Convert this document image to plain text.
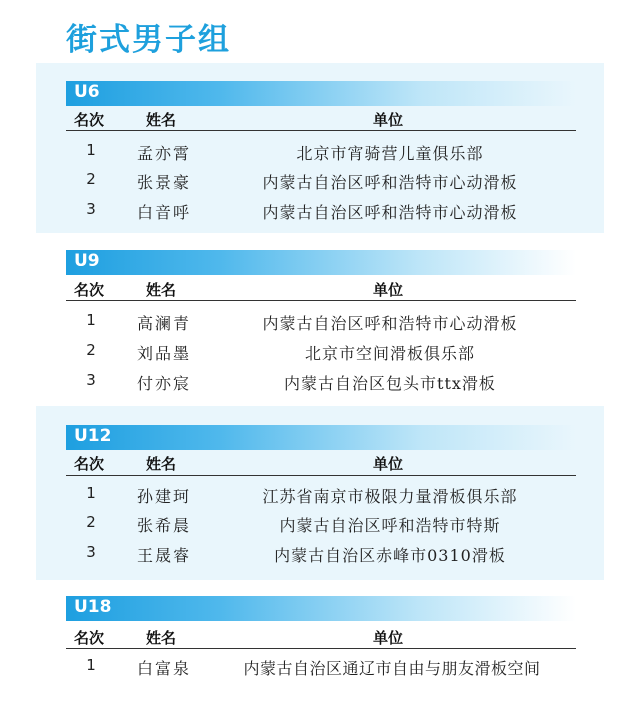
街式男子组
U6
名次	姓名	单位
1	孟亦霄	北京市宵骑营儿童俱乐部
2	张景豪	内蒙古自治区呼和浩特市心动滑板
3	白音呼	内蒙古自治区呼和浩特市心动滑板
U9
名次	姓名	单位
1	高澜青	内蒙古自治区呼和浩特市心动滑板
2	刘品墨	北京市空间滑板俱乐部
3	付亦宸	内蒙古自治区包头市ttx滑板
U12
名次	姓名	单位
1	孙建珂	江苏省南京市极限力量滑板俱乐部
2	张希晨	内蒙古自治区呼和浩特市特斯
3	王晟睿	内蒙古自治区赤峰市0310滑板
U18
名次	姓名	单位
1	白富泉	内蒙古自治区通辽市自由与朋友滑板空间
